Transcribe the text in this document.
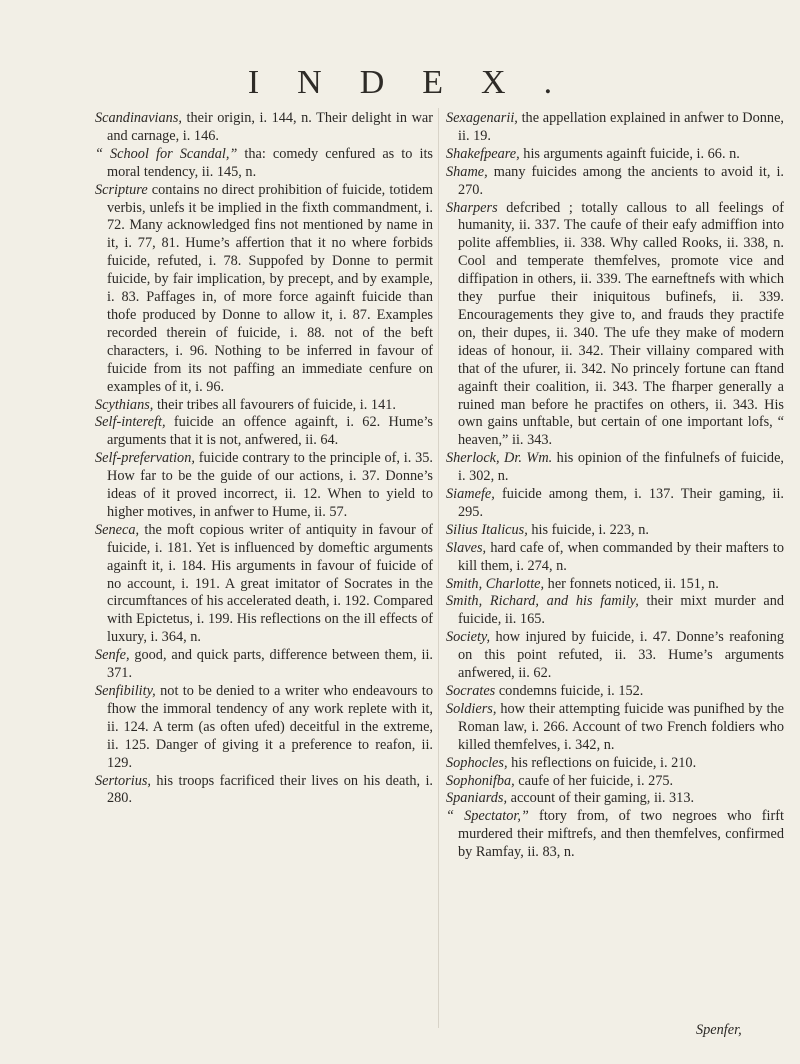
INDEX.

Scandinavians, their origin, i. 144, n. Their delight in war and carnage, i. 146.

“ School for Scandal,” tha: comedy cenfured as to its moral tendency, ii. 145, n.

Scripture contains no direct prohibition of fuicide, totidem verbis, unlefs it be implied in the fixth commandment, i. 72. Many acknowledged fins not mentioned by name in it, i. 77, 81. Hume’s affertion that it no where forbids fuicide, refuted, i. 78. Suppofed by Donne to permit fuicide, by fair implication, by precept, and by example, i. 83. Paffages in, of more force againft fuicide than thofe produced by Donne to allow it, i. 87. Examples recorded therein of fuicide, i. 88. not of the beft characters, i. 96. Nothing to be inferred in favour of fuicide from its not paffing an immediate cenfure on examples of it, i. 96.

Scythians, their tribes all favourers of fuicide, i. 141.

Self-intereft, fuicide an offence againft, i. 62. Hume’s arguments that it is not, anfwered, ii. 64.

Self-prefervation, fuicide contrary to the principle of, i. 35. How far to be the guide of our actions, i. 37. Donne’s ideas of it proved incorrect, ii. 12. When to yield to higher motives, in anfwer to Hume, ii. 57.

Seneca, the moft copious writer of antiquity in favour of fuicide, i. 181. Yet is influenced by domeftic arguments againft it, i. 184. His arguments in favour of fuicide of no account, i. 191. A great imitator of Socrates in the circumftances of his accelerated death, i. 192. Compared with Epictetus, i. 199. His reflections on the ill effects of luxury, i. 364, n.

Senfe, good, and quick parts, difference between them, ii. 371.

Senfibility, not to be denied to a writer who endeavours to fhow the immoral tendency of any work replete with it, ii. 124. A term (as often ufed) deceitful in the extreme, ii. 125. Danger of giving it a preference to reafon, ii. 129.

Sertorius, his troops facrificed their lives on his death, i. 280.

Sexagenarii, the appellation explained in anfwer to Donne, ii. 19.

Shakefpeare, his arguments againft fuicide, i. 66. n.

Shame, many fuicides among the ancients to avoid it, i. 270.

Sharpers defcribed ; totally callous to all feelings of humanity, ii. 337. The caufe of their eafy admiffion into polite affemblies, ii. 338. Why called Rooks, ii. 338, n. Cool and temperate themfelves, promote vice and diffipation in others, ii. 339. The earneftnefs with which they purfue their iniquitous bufinefs, ii. 339. Encouragements they give to, and frauds they practife on, their dupes, ii. 340. The ufe they make of modern ideas of honour, ii. 342. Their villainy compared with that of the ufurer, ii. 342. No princely fortune can ftand againft their coalition, ii. 343. The fharper generally a ruined man before he practifes on others, ii. 343. His own gains unftable, but certain of one important lofs, “ heaven,” ii. 343.

Sherlock, Dr. Wm. his opinion of the finfulnefs of fuicide, i. 302, n.

Siamefe, fuicide among them, i. 137. Their gaming, ii. 295.

Silius Italicus, his fuicide, i. 223, n.

Slaves, hard cafe of, when commanded by their mafters to kill them, i. 274, n.

Smith, Charlotte, her fonnets noticed, ii. 151, n.

Smith, Richard, and his family, their mixt murder and fuicide, ii. 165.

Society, how injured by fuicide, i. 47. Donne’s reafoning on this point refuted, ii. 33. Hume’s arguments anfwered, ii. 62.

Socrates condemns fuicide, i. 152.

Soldiers, how their attempting fuicide was punifhed by the Roman law, i. 266. Account of two French foldiers who killed themfelves, i. 342, n.

Sophocles, his reflections on fuicide, i. 210.

Sophonifba, caufe of her fuicide, i. 275.

Spaniards, account of their gaming, ii. 313.

“ Spectator,” ftory from, of two negroes who firft murdered their miftrefs, and then themfelves, confirmed by Ramfay, ii. 83, n.

Spenfer,
